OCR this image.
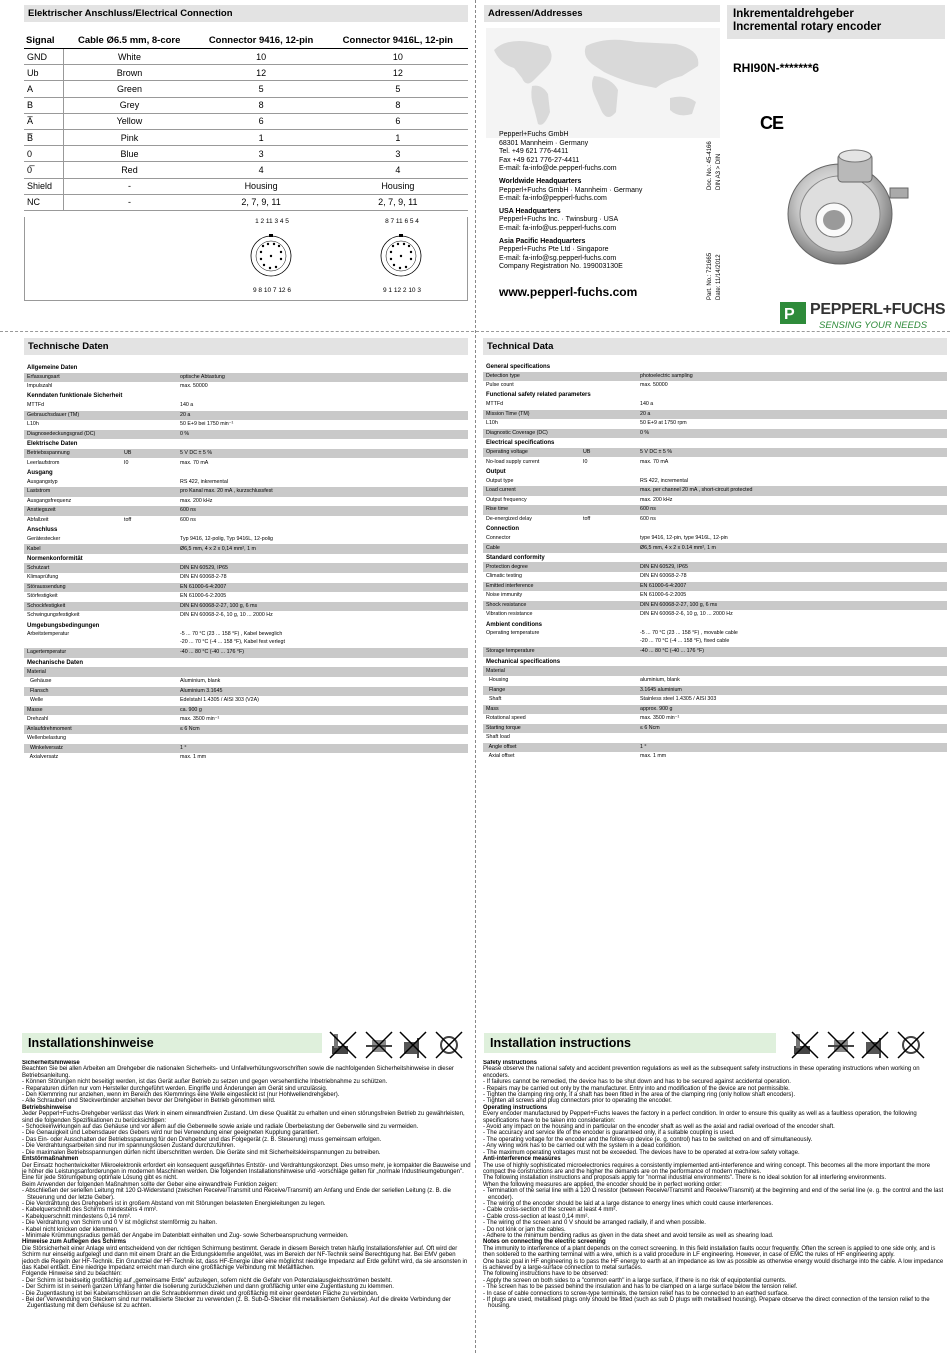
Elektrischer Anschluss/Electrical Connection
Signal	Cable Ø6.5 mm, 8-core	Connector 9416, 12-pin	Connector 9416L, 12-pin
GND	White	10	10
Ub	Brown	12	12
A	Green	5	5
B	Grey	8	8
A̅	Yellow	6	6
B̅	Pink	1	1
0	Blue	3	3
0̅	Red	4	4
Shield	-	Housing	Housing
NC	-	2, 7, 9, 11	2, 7, 9, 11
1 2 11 3 4 5
9 8 10 7 12 6
8 7 11 6 5 4
9 1 12 2 10 3
Adressen/Addresses
Pepperl+Fuchs GmbH
68301 Mannheim · Germany
Tel. +49 621 776-4411
Fax +49 621 776-27-4411
E-mail: fa-info@de.pepperl-fuchs.com
Worldwide Headquarters
Pepperl+Fuchs GmbH · Mannheim · Germany
E-mail: fa-info@pepperl-fuchs.com
USA Headquarters
Pepperl+Fuchs Inc. · Twinsburg · USA
E-mail: fa-info@us.pepperl-fuchs.com
Asia Pacific Headquarters
Pepperl+Fuchs Pte Ltd · Singapore
E-mail: fa-info@sg.pepperl-fuchs.com
Company Registration No. 199003130E
www.pepperl-fuchs.com
Doc. No.: 45-4166
DIN A3 > DIN
Part. No.: 721665
Date: 11/14/2012
Inkrementaldrehgeber
Incremental rotary encoder
RHI90N-*******6
CE
P PEPPERL+FUCHS
SENSING YOUR NEEDS
Technische Daten
Allgemeine Daten
Erfassungsart	optische Abtastung
Impulszahl	max. 50000
Kenndaten funktionale Sicherheit
MTTFd	140 a
Gebrauchsdauer (TM)	20 a
L10h	50 E+9 bei 1750 min⁻¹
Diagnosedeckungsgrad (DC)	0 %
Elektrische Daten
Betriebsspannung	UB	5 V DC ± 5 %
Leerlaufstrom	I0	max. 70 mA
Ausgang
Ausgangstyp	RS 422, inkremental
Laststrom	pro Kanal max. 20 mA , kurzschlussfest
Ausgangsfrequenz	max. 200 kHz
Anstiegszeit	600 ns
Abfallzeit	toff	600 ns
Anschluss
Gerätestecker	Typ 9416, 12-polig, Typ 9416L, 12-polig
Kabel	Ø6,5 mm, 4 x 2 x 0,14 mm², 1 m
Normenkonformität
Schutzart	DIN EN 60529, IP65
Klimaprüfung	DIN EN 60068-2-78
Störaussendung	EN 61000-6-4:2007
Störfestigkeit	EN 61000-6-2:2005
Schockfestigkeit	DIN EN 60068-2-27, 100 g, 6 ms
Schwingungsfestigkeit	DIN EN 60068-2-6, 10 g, 10 ... 2000 Hz
Umgebungsbedingungen
Arbeitstemperatur	-5 ... 70 °C (23 ... 158 °F) , Kabel beweglich
-20 ... 70 °C (-4 ... 158 °F), Kabel fest verlegt
Lagertemperatur	-40 ... 80 °C (-40 ... 176 °F)
Mechanische Daten
Material
Gehäuse	Aluminium, blank
Flansch	Aluminium 3.1645
Welle	Edelstahl 1.4305 / AISI 303 (V2A)
Masse	ca. 900 g
Drehzahl	max. 3500 min⁻¹
Anlaufdrehmoment	≤ 6 Ncm
Wellenbelastung
Winkelversatz	1 °
Axialversatz	max. 1 mm
Technical Data
General specifications
Detection type	photoelectric sampling
Pulse count	max. 50000
Functional safety related parameters
MTTFd	140 a
Mission Time (TM)	20 a
L10h	50 E+9 at 1750 rpm
Diagnostic Coverage (DC)	0 %
Electrical specifications
Operating voltage	UB	5 V DC ± 5 %
No-load supply current	I0	max. 70 mA
Output
Output type	RS 422, incremental
Load current	max. per channel 20 mA , short-circuit protected
Output frequency	max. 200 kHz
Rise time	600 ns
De-energized delay	toff	600 ns
Connection
Connector	type 9416, 12-pin, type 9416L, 12-pin
Cable	Ø6,5 mm, 4 x 2 x 0.14 mm², 1 m
Standard conformity
Protection degree	DIN EN 60529, IP65
Climatic testing	DIN EN 60068-2-78
Emitted interference	EN 61000-6-4:2007
Noise immunity	EN 61000-6-2:2005
Shock resistance	DIN EN 60068-2-27, 100 g, 6 ms
Vibration resistance	DIN EN 60068-2-6, 10 g, 10 ... 2000 Hz
Ambient conditions
Operating temperature	-5 ... 70 °C (23 ... 158 °F) , movable cable
-20 ... 70 °C (-4 ... 158 °F), fixed cable
Storage temperature	-40 ... 80 °C (-40 ... 176 °F)
Mechanical specifications
Material
Housing	aluminium, blank
Flange	3.1645 aluminium
Shaft	Stainless steel 1.4305 / AISI 303
Mass	approx. 900 g
Rotational speed	max. 3500 min⁻¹
Starting torque	≤ 6 Ncm
Shaft load
Angle offset	1 °
Axial offset	max. 1 mm
Installationshinweise	Installation instructions
Sicherheitshinweise

Beachten Sie bei allen Arbeiten am Drehgeber die nationalen Sicherheits- und Unfallverhütungsvorschriften sowie die nachfolgenden Sicherheitshinweise in dieser Betriebsanleitung.

- Können Störungen nicht beseitigt werden, ist das Gerät außer Betrieb zu setzen und gegen versehentliche Inbetriebnahme zu schützen.
- Reparaturen dürfen nur vom Hersteller durchgeführt werden. Eingriffe und Änderungen am Gerät sind unzulässig.
- Den Klemmring nur anziehen, wenn im Bereich des Klemmrings eine Welle eingesteckt ist (nur Hohlwellendrehgeber).
- Alle Schrauben und Steckverbinder anziehen bevor der Drehgeber in Betrieb genommen wird.
Betriebshinweise

Jeder Pepperl+Fuchs-Drehgeber verlässt das Werk in einem einwandfreien Zustand. Um diese Qualität zu erhalten und einen störungsfreien Betrieb zu gewährleisten, sind die folgenden Spezifikationen zu berücksichtigen:

- Schockeinwirkungen auf das Gehäuse und vor allem auf die Geberwelle sowie axiale und radiale Überbelastung der Geberwelle sind zu vermeiden.
- Die Genauigkeit und Lebensdauer des Gebers wird nur bei Verwendung einer geeigneten Kupplung garantiert.
- Das Ein- oder Ausschalten der Betriebsspannung für den Drehgeber und das Folgegerät (z. B. Steuerung) muss gemeinsam erfolgen.
- Die Verdrahtungsarbeiten sind nur im spannungslosen Zustand durchzuführen.
- Die maximalen Betriebsspannungen dürfen nicht überschritten werden. Die Geräte sind mit Sicherheitskleinspannungen zu betreiben.
Entstörmaßnahmen

Der Einsatz hochentwickelter Mikroelektronik erfordert ein konsequent ausgeführtes Entstör- und Verdrahtungskonzept. Dies umso mehr, je kompakter die Bauweise und je höher die Leistungsanforderungen in modernen Maschinen werden. Die folgenden Installationshinweise und -vorschläge gelten für „normale Industrieumgebungen". Eine für jede Störumgebung optimale Lösung gibt es nicht.
Beim Anwenden der folgenden Maßnahmen sollte der Geber eine einwandfreie Funktion zeigen:

- Abschließen der seriellen Leitung mit 120 Ω-Widerstand (zwischen Receive/Transmit und Receive/Transmit) am Anfang und Ende der seriellen Leitung (z. B. die Steuerung und der letzte Geber).
- Die Verdrahtung des Drehgebers ist in großem Abstand von mit Störungen belasteten Energieleitungen zu legen.
- Kabelquerschnitt des Schirms mindestens 4 mm².
- Kabelquerschnitt mindestens 0,14 mm².
- Die Verdrahtung von Schirm und 0 V ist möglichst sternförmig zu halten.
- Kabel nicht knicken oder klemmen.
- Minimale Krümmungsradius gemäß der Angabe im Datenblatt einhalten und Zug- sowie Scherbeanspruchung vermeiden.
Hinweise zum Auflegen des Schirms

Die Störsicherheit einer Anlage wird entscheidend von der richtigen Schirmung bestimmt. Gerade in diesem Bereich treten häufig Installationsfehler auf. Oft wird der Schirm nur einseitig aufgelegt und dann mit einem Draht an die Erdungsklemme angelötet, was im Bereich der NF-Technik seine Berechtigung hat. Bei EMV geben jedoch die Regeln der HF-Technik. Ein Grundziel der HF-Technik ist, dass HF-Energie über eine möglichst niedrige Impedanz auf Erde geführt wird, da sie ansonsten in das Kabel entlädt. Eine niedrige Impedanz erreicht man durch eine großflächige Verbindung mit Metallflächen.
Folgende Hinweise sind zu beachten:

- Der Schirm ist beidseitig großflächig auf „gemeinsame Erde" aufzulegen, sofern nicht die Gefahr von Potenzialausgleichsströmen besteht.
- Der Schirm ist in seinem ganzen Umfang hinter die Isolierung zurückzuziehen und dann großflächig unter eine Zugentlastung zu klemmen.
- Die Zugentlastung ist bei Kabelanschlüssen an die Schraubklemmen direkt und großflächig mit einer geerdeten Fläche zu verbinden.
- Bei der Verwendung von Steckern sind nur metallisierte Stecker zu verwenden (z. B. Sub-D-Stecker mit metallisiertem Gehäuse). Auf die direkte Verbindung der Zugentlastung mit dem Gehäuse ist zu achten.
Safety instructions

Please observe the national safety and accident prevention regulations as well as the subsequent safety instructions in these operating instructions when working on encoders.

- If failures cannot be remedied, the device has to be shut down and has to be secured against accidental operation.
- Repairs may be carried out only by the manufacturer. Entry into and modification of the device are not permissible.
- Tighten the clamping ring only, if a shaft has been fitted in the area of the clamping ring (only hollow shaft encoders).
- Tighten all screws and plug connectors prior to operating the encoder.
Operating instructions

Every encoder manufactured by Pepperl+Fuchs leaves the factory in a perfect condition. In order to ensure this quality as well as a faultless operation, the following specifications have to be taken into consideration:

- Avoid any impact on the housing and in particular on the encoder shaft as well as the axial and radial overload of the encoder shaft.
- The accuracy and service life of the encoder is guaranteed only, if a suitable coupling is used.
- The operating voltage for the encoder and the follow-up device (e. g. control) has to be switched on and off simultaneously.
- Any wiring work has to be carried out with the system in a dead condition.
- The maximum operating voltages must not be exceeded. The devices have to be operated at extra-low safety voltage.
Anti-interference measures

The use of highly sophisticated microelectronics requires a consistently implemented anti-interference and wiring concept. This becomes all the more important the more compact the constructions are and the higher the demands are on the performance of modern machines.
The following installation instructions and proposals apply for "normal industrial environments". There is no ideal solution for all interfering environments.
When the following measures are applied, the encoder should be in perfect working order:

- Termination of the serial line with a 120 Ω resistor (between Receive/Transmit and Receive/Transmit) at the beginning and end of the serial line (e. g. the control and the last encoder).
- The wiring of the encoder should be laid at a large distance to energy lines which could cause interferences.
- Cable cross-section of the screen at least 4 mm².
- Cable cross-section at least 0,14 mm².
- The wiring of the screen and 0 V should be arranged radially, if and when possible.
- Do not kink or jam the cables.
- Adhere to the minimum bending radius as given in the data sheet and avoid tensile as well as shearing load.
Notes on connecting the electric screening

The immunity to interference of a plant depends on the correct screening. In this field installation faults occur frequently. Often the screen is applied to one side only, and is then soldered to the earthing terminal with a wire, which is a valid procedure in LF engineering. However, in case of EMC the rules of HF engineering apply.
One basic goal in HF engineering is to pass the HF energy to earth at an impedance as low as possible as otherwise energy would discharge into the cable. A low impedance is achieved by a large-surface connection to metal surfaces.
The following instructions have to be observed:

- Apply the screen on both sides to a "common earth" in a large surface, if there is no risk of equipotential currents.
- The screen has to be passed behind the insulation and has to be clamped on a large surface below the tension relief.
- In case of cable connections to screw-type terminals, the tension relief has to be connected to an earthed surface.
- If plugs are used, metallised plugs only should be fitted (such as sub D plugs with metallised housing). Prepare observe the direct connection of the tension relief to the housing.
